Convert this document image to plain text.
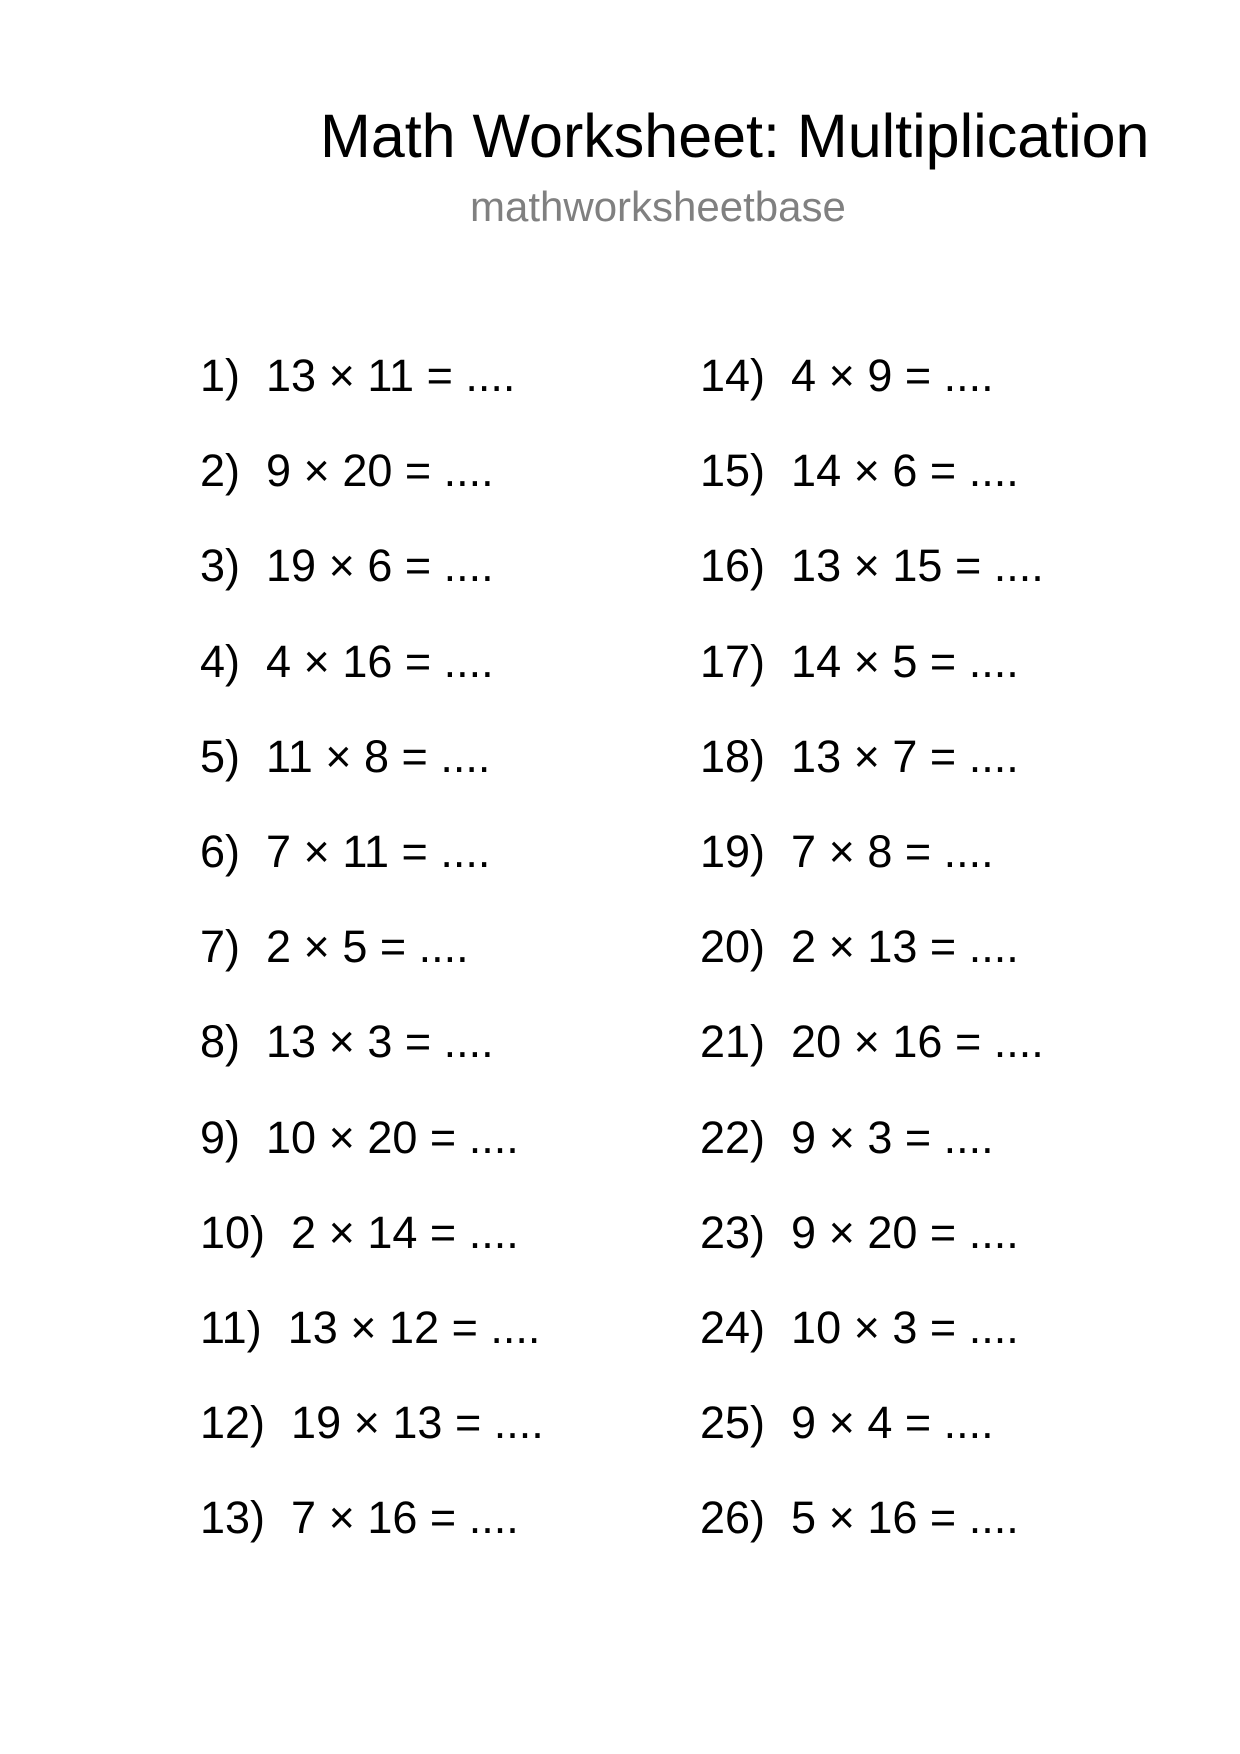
Math Worksheet: Multiplication
mathworksheetbase
1) 13 × 11 = ....
2) 9 × 20 = ....
3) 19 × 6 = ....
4) 4 × 16 = ....
5) 11 × 8 = ....
6) 7 × 11 = ....
7) 2 × 5 = ....
8) 13 × 3 = ....
9) 10 × 20 = ....
10) 2 × 14 = ....
11) 13 × 12 = ....
12) 19 × 13 = ....
13) 7 × 16 = ....
14) 4 × 9 = ....
15) 14 × 6 = ....
16) 13 × 15 = ....
17) 14 × 5 = ....
18) 13 × 7 = ....
19) 7 × 8 = ....
20) 2 × 13 = ....
21) 20 × 16 = ....
22) 9 × 3 = ....
23) 9 × 20 = ....
24) 10 × 3 = ....
25) 9 × 4 = ....
26) 5 × 16 = ....
